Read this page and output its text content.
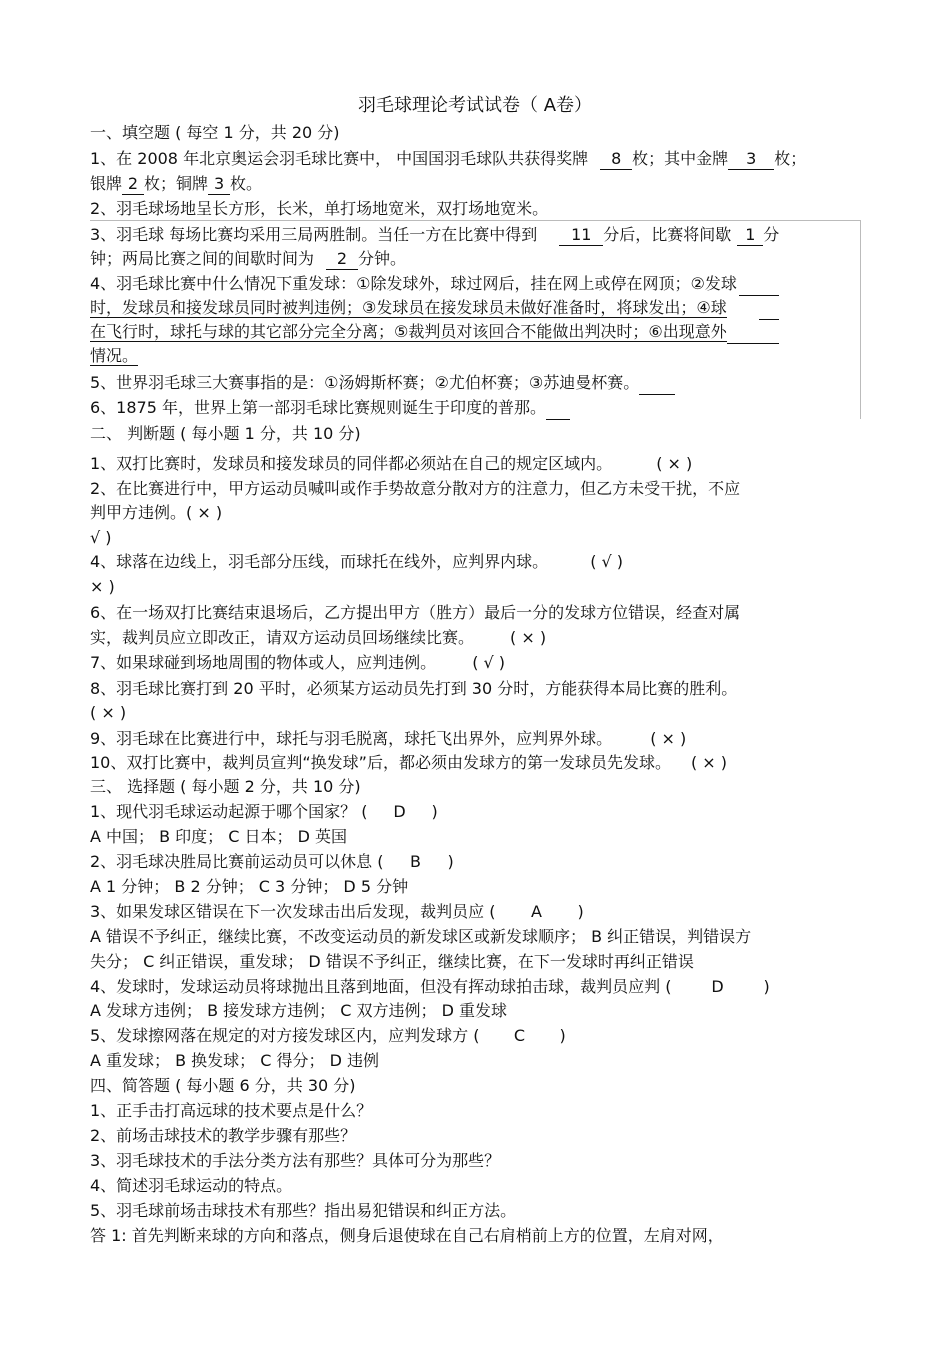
羽毛球理论考试试卷（ A卷）
一、填空题 ( 每空 1 分，共 20 分)
1、在 2008 年北京奥运会羽毛球比赛中， 中国国羽毛球队共获得奖牌 8 枚；其中金牌 3 枚；
银牌 2 枚；铜牌 3 枚。
2、羽毛球场地呈长方形，长米，单打场地宽米，双打场地宽米。
3、羽毛球 每场比赛均采用三局两胜制。当任一方在比赛中得到 11 分后，比赛将间歇 1 分
钟；两局比赛之间的间歇时间为 2 分钟。
4、羽毛球比赛中什么情况下重发球：①除发球外，球过网后，挂在网上或停在网顶；②发球
时，发球员和接发球员同时被判违例；③发球员在接发球员未做好准备时，将球发出；④球
在飞行时，球托与球的其它部分完全分离；⑤裁判员对该回合不能做出判决时；⑥出现意外
情况。
5、世界羽毛球三大赛事指的是：①汤姆斯杯赛；②尤伯杯赛；③苏迪曼杯赛。
6、1875 年，世界上第一部羽毛球比赛规则诞生于印度的普那。
二、 判断题 ( 每小题 1 分，共 10 分)
1、双打比赛时，发球员和接发球员的同伴都必须站在自己的规定区域内。	( × )
2、在比赛进行中，甲方运动员喊叫或作手势故意分散对方的注意力，但乙方未受干扰，不应
判甲方违例。( × )
√ )
4、球落在边线上，羽毛部分压线，而球托在线外，应判界内球。	( √ )
× )
6、在一场双打比赛结束退场后，乙方提出甲方（胜方）最后一分的发球方位错误，经查对属
实，裁判员应立即改正，请双方运动员回场继续比赛。 ( × )
7、如果球碰到场地周围的物体或人，应判违例。 ( √ )
8、羽毛球比赛打到 20 平时，必须某方运动员先打到 30 分时，方能获得本局比赛的胜利。
( × )
9、羽毛球在比赛进行中，球托与羽毛脱离，球托飞出界外，应判界外球。 ( × )
10、双打比赛中，裁判员宣判“换发球”后，都必须由发球方的第一发球员先发球。 ( × )
三、 选择题 ( 每小题 2 分，共 10 分)
1、现代羽毛球运动起源于哪个国家？ ( D )
A 中国； B 印度； C 日本； D 英国
2、羽毛球决胜局比赛前运动员可以休息 ( B )
A 1 分钟； B 2 分钟； C 3 分钟； D 5 分钟
3、如果发球区错误在下一次发球击出后发现，裁判员应 ( A )
A 错误不予纠正，继续比赛，不改变运动员的新发球区或新发球顺序； B 纠正错误，判错误方
失分； C 纠正错误，重发球； D 错误不予纠正，继续比赛，在下一发球时再纠正错误
4、发球时，发球运动员将球抛出且落到地面，但没有挥动球拍击球，裁判员应判 ( D )
A 发球方违例； B 接发球方违例； C 双方违例； D 重发球
5、发球擦网落在规定的对方接发球区内，应判发球方 ( C )
A 重发球； B 换发球； C 得分； D 违例
四、简答题 ( 每小题 6 分，共 30 分)
1、正手击打高远球的技术要点是什么？
2、前场击球技术的教学步骤有那些？
3、羽毛球技术的手法分类方法有那些？具体可分为那些？
4、简述羽毛球运动的特点。
5、羽毛球前场击球技术有那些？指出易犯错误和纠正方法。
答 1: 首先判断来球的方向和落点，侧身后退使球在自己右肩梢前上方的位置，左肩对网，
